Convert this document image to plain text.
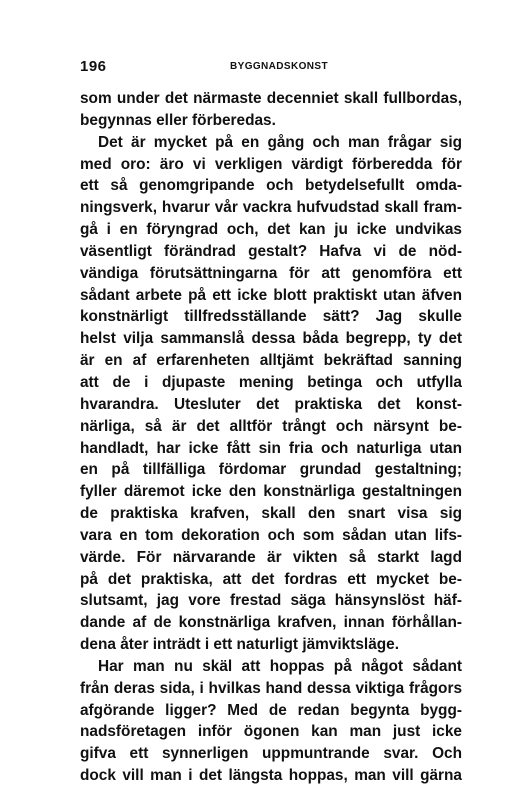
196	BYGGNADSKONST
som under det närmaste decenniet skall fullbordas,
begynnas eller förberedas.
Det är mycket på en gång och man frågar sig
med oro: äro vi verkligen värdigt förberedda för
ett så genomgripande och betydelsefullt omda-
ningsverk, hvarur vår vackra hufvudstad skall fram-
gå i en föryngrad och, det kan ju icke undvikas
väsentligt förändrad gestalt? Hafva vi de nöd-
vändiga förutsättningarna för att genomföra ett
sådant arbete på ett icke blott praktiskt utan äfven
konstnärligt tillfredsställande sätt? Jag skulle
helst vilja sammanslå dessa båda begrepp, ty det
är en af erfarenheten alltjämt bekräftad sanning
att de i djupaste mening betinga och utfylla
hvarandra. Utesluter det praktiska det konst-
närliga, så är det alltför trångt och närsynt be-
handladt, har icke fått sin fria och naturliga utan
en på tillfälliga fördomar grundad gestaltning;
fyller däremot icke den konstnärliga gestaltningen
de praktiska krafven, skall den snart visa sig
vara en tom dekoration och som sådan utan lifs-
värde. För närvarande är vikten så starkt lagd
på det praktiska, att det fordras ett mycket be-
slutsamt, jag vore frestad säga hänsynslöst häf-
dande af de konstnärliga krafven, innan förhållan-
dena åter inträdt i ett naturligt jämviktsläge.
Har man nu skäl att hoppas på något sådant
från deras sida, i hvilkas hand dessa viktiga frågors
afgörande ligger? Med de redan begynta bygg-
nadsföretagen inför ögonen kan man just icke
gifva ett synnerligen uppmuntrande svar. Och
dock vill man i det längsta hoppas, man vill gärna
